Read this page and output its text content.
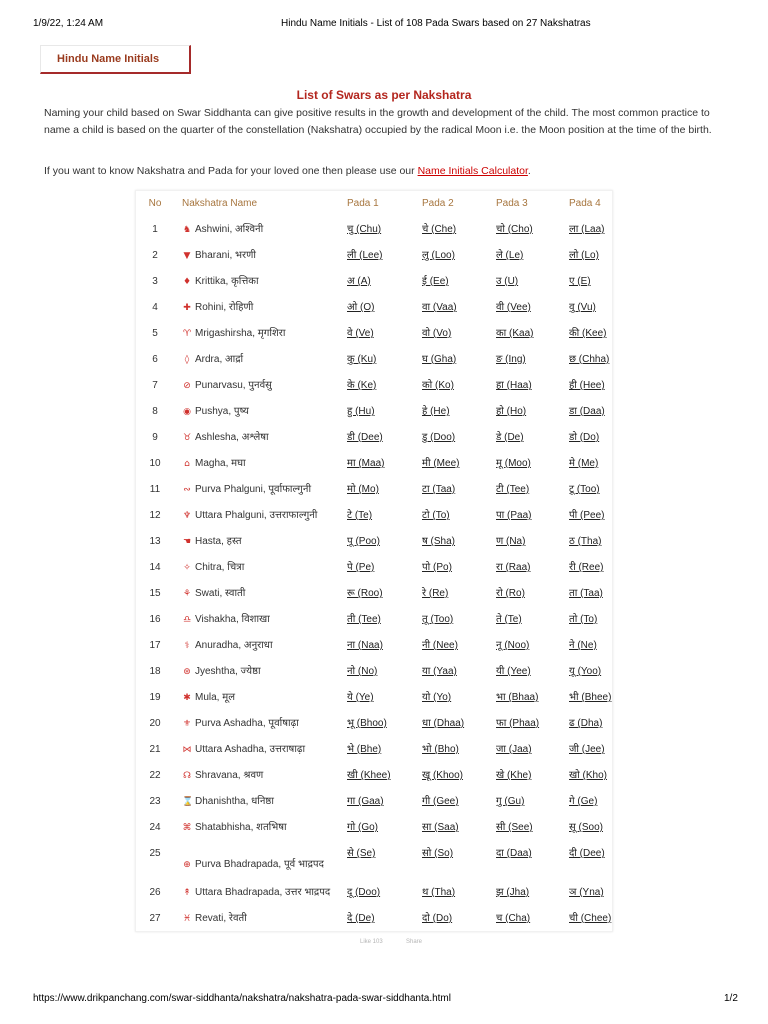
1/9/22, 1:24 AM	Hindu Name Initials - List of 108 Pada Swars based on 27 Nakshatras
Hindu Name Initials
List of Swars as per Nakshatra

Naming your child based on Swar Siddhanta can give positive results in the growth and development of the child. The most common practice to name a child is based on the quarter of the constellation (Nakshatra) occupied by the radical Moon i.e. the Moon position at the time of the birth.

If you want to know Nakshatra and Pada for your loved one then please use our Name Initials Calculator.

No	Nakshatra Name	Pada 1	Pada 2	Pada 3	Pada 4
1	♞ Ashwini, अश्विनी	चु (Chu)	चे (Che)	चो (Cho)	ला (Laa)
2	▼ Bharani, भरणी	ली (Lee)	लु (Loo)	ले (Le)	लो (Lo)
3	♦ Krittika, कृत्तिका	अ (A)	ई (Ee)	उ (U)	ए (E)
4	✚ Rohini, रोहिणी	ओ (O)	वा (Vaa)	वी (Vee)	वु (Vu)
5	♈ Mrigashirsha, मृगशिरा	वे (Ve)	वो (Vo)	का (Kaa)	की (Kee)
6	◊ Ardra, आर्द्रा	कु (Ku)	घ (Gha)	ङ (Ing)	छ (Chha)
7	⊘ Punarvasu, पुनर्वसु	के (Ke)	को (Ko)	हा (Haa)	ही (Hee)
8	◉ Pushya, पुष्य	हु (Hu)	हे (He)	हो (Ho)	डा (Daa)
9	♉ Ashlesha, अश्लेषा	डी (Dee)	डु (Doo)	डे (De)	डो (Do)
10	⌂ Magha, मघा	मा (Maa)	मी (Mee)	मू (Moo)	मे (Me)
11	∾ Purva Phalguni, पूर्वाफाल्गुनी	मो (Mo)	टा (Taa)	टी (Tee)	टू (Too)
12	♆ Uttara Phalguni, उत्तराफाल्गुनी	टे (Te)	टो (To)	पा (Paa)	पी (Pee)
13	☚ Hasta, हस्त	पू (Poo)	ष (Sha)	ण (Na)	ठ (Tha)
14	✧ Chitra, चित्रा	पे (Pe)	पो (Po)	रा (Raa)	री (Ree)
15	⚘ Swati, स्वाती	रू (Roo)	रे (Re)	रो (Ro)	ता (Taa)
16	♎ Vishakha, विशाखा	ती (Tee)	तू (Too)	ते (Te)	तो (To)
17	⚕ Anuradha, अनुराधा	ना (Naa)	नी (Nee)	नू (Noo)	ने (Ne)
18	⊛ Jyeshtha, ज्येष्ठा	नो (No)	या (Yaa)	यी (Yee)	यू (Yoo)
19	✱ Mula, मूल	ये (Ye)	यो (Yo)	भा (Bhaa)	भी (Bhee)
20	⚜ Purva Ashadha, पूर्वाषाढ़ा	भू (Bhoo)	धा (Dhaa)	फा (Phaa)	ढ (Dha)
21	⋈ Uttara Ashadha, उत्तराषाढ़ा	भे (Bhe)	भो (Bho)	जा (Jaa)	जी (Jee)
22	☊ Shravana, श्रवण	खी (Khee)	खू (Khoo)	खे (Khe)	खो (Kho)
23	⌛ Dhanishtha, धनिष्ठा	गा (Gaa)	गी (Gee)	गु (Gu)	गे (Ge)
24	⌘ Shatabhisha, शतभिषा	गो (Go)	सा (Saa)	सी (See)	सू (Soo)
25	⊕ Purva Bhadrapada, पूर्व भाद्रपद	से (Se)	सो (So)	दा (Daa)	दी (Dee)
26	↟ Uttara Bhadrapada, उत्तर भाद्रपद	दू (Doo)	थ (Tha)	झ (Jha)	ञ (Yna)
27	♓ Revati, रेवती	दे (De)	दो (Do)	च (Cha)	ची (Chee)
Like 103	Share
https://www.drikpanchang.com/swar-siddhanta/nakshatra/nakshatra-pada-swar-siddhanta.html	1/2
